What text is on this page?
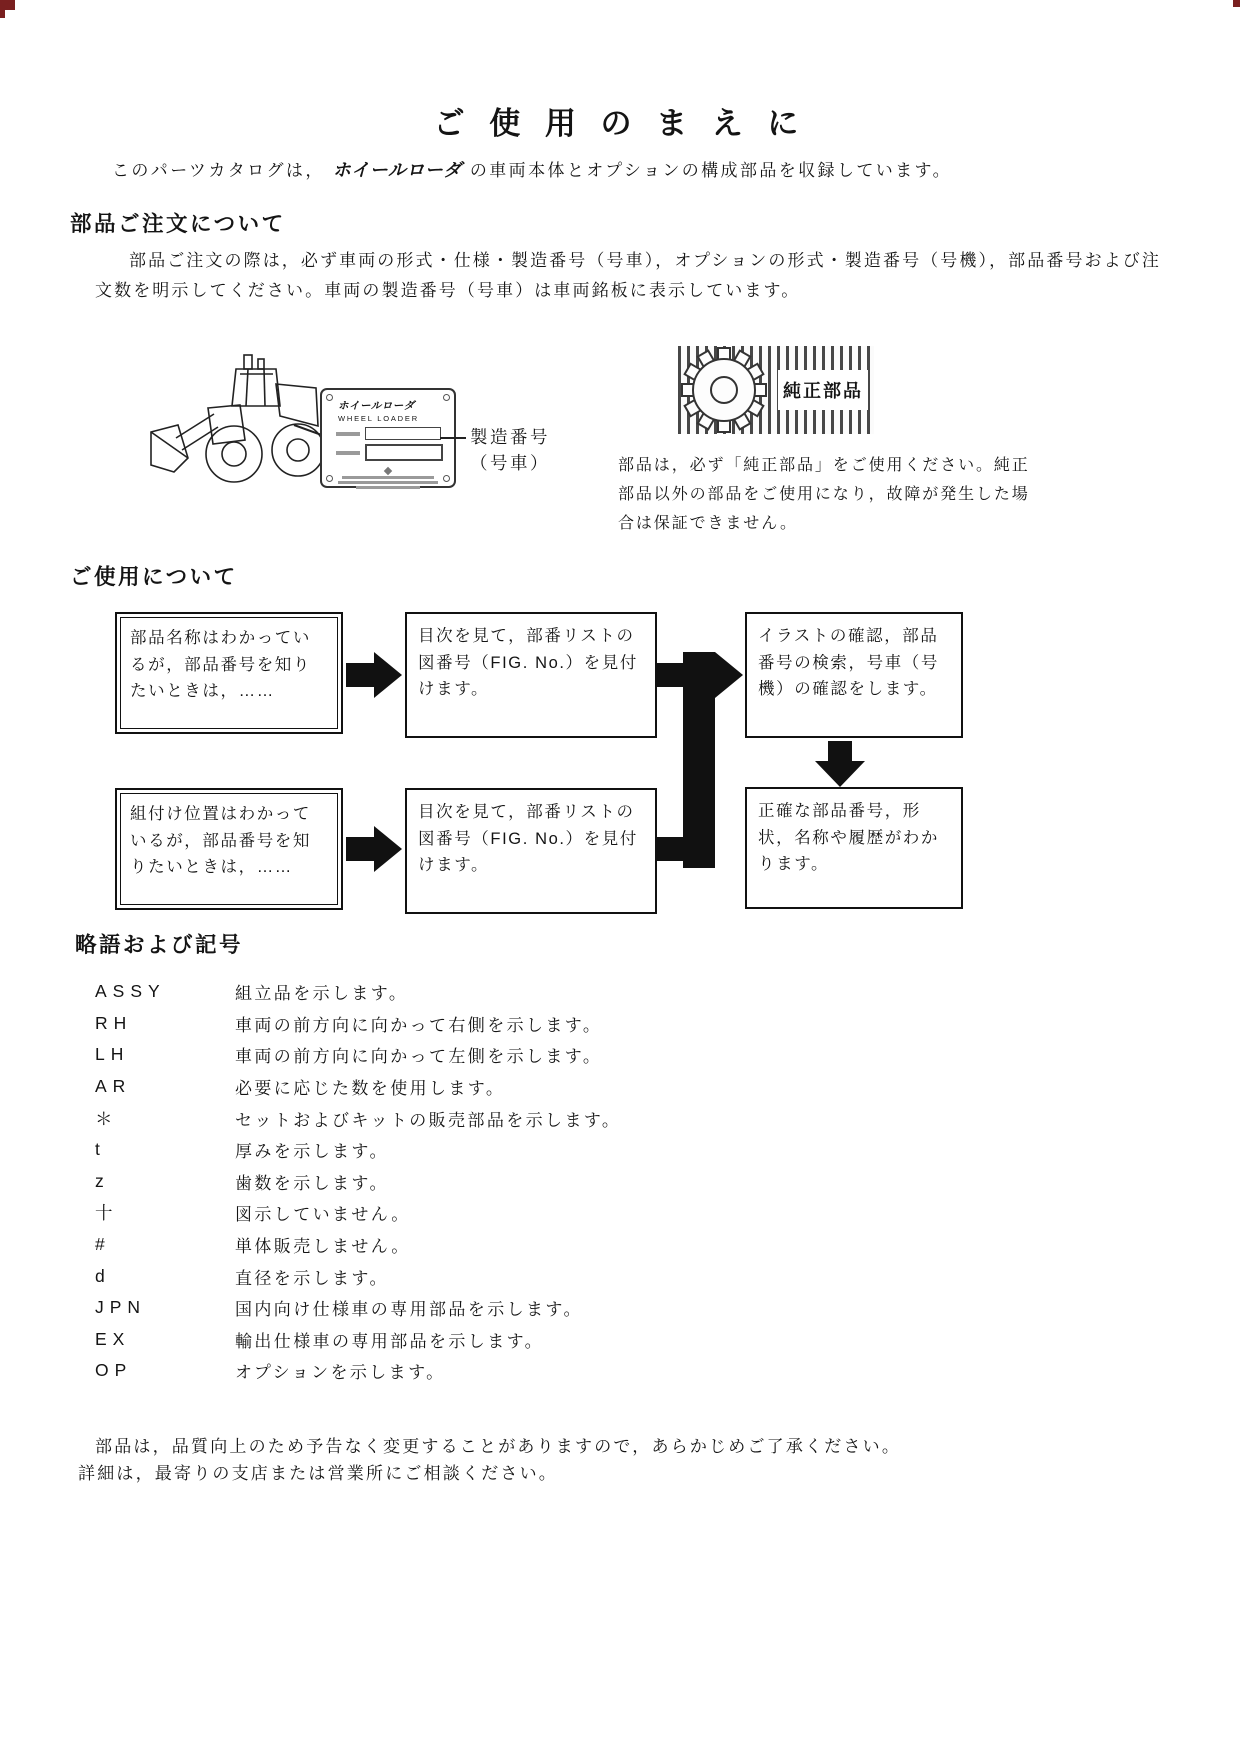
ご 使 用 の ま え に

このパーツカタログは， ホイールローダ の車両本体とオプションの構成部品を収録しています。

部品ご注文について

部品ご注文の際は，必ず車両の形式・仕様・製造番号（号車），オプションの形式・製造番号（号機），部品番号および注文数を明示してください。車両の製造番号（号車）は車両銘板に表示しています。

ホイールローダ
WHEEL LOADER
製造番号
（号車）
純正部品

部品は，必ず「純正部品」をご使用ください。純正部品以外の部品をご使用になり，故障が発生した場合は保証できません。

ご使用について
部品名称はわかっているが，部品番号を知りたいときは，……
目次を見て，部番リストの図番号（FIG. No.）を見付けます。
イラストの確認，部品番号の検索，号車（号機）の確認をします。
組付け位置はわかっているが，部品番号を知りたいときは，……
目次を見て，部番リストの図番号（FIG. No.）を見付けます。
正確な部品番号，形状，名称や履歴がわかります。
略語および記号
ASSY	組立品を示します。
RH	車両の前方向に向かって右側を示します。
LH	車両の前方向に向かって左側を示します。
AR	必要に応じた数を使用します。
＊	セットおよびキットの販売部品を示します。
t	厚みを示します。
z	歯数を示します。
十	図示していません。
#	単体販売しません。
d	直径を示します。
JPN	国内向け仕様車の専用部品を示します。
EX	輸出仕様車の専用部品を示します。
OP	オプションを示します。

部品は，品質向上のため予告なく変更することがありますので，あらかじめご了承ください。

詳細は，最寄りの支店または営業所にご相談ください。
